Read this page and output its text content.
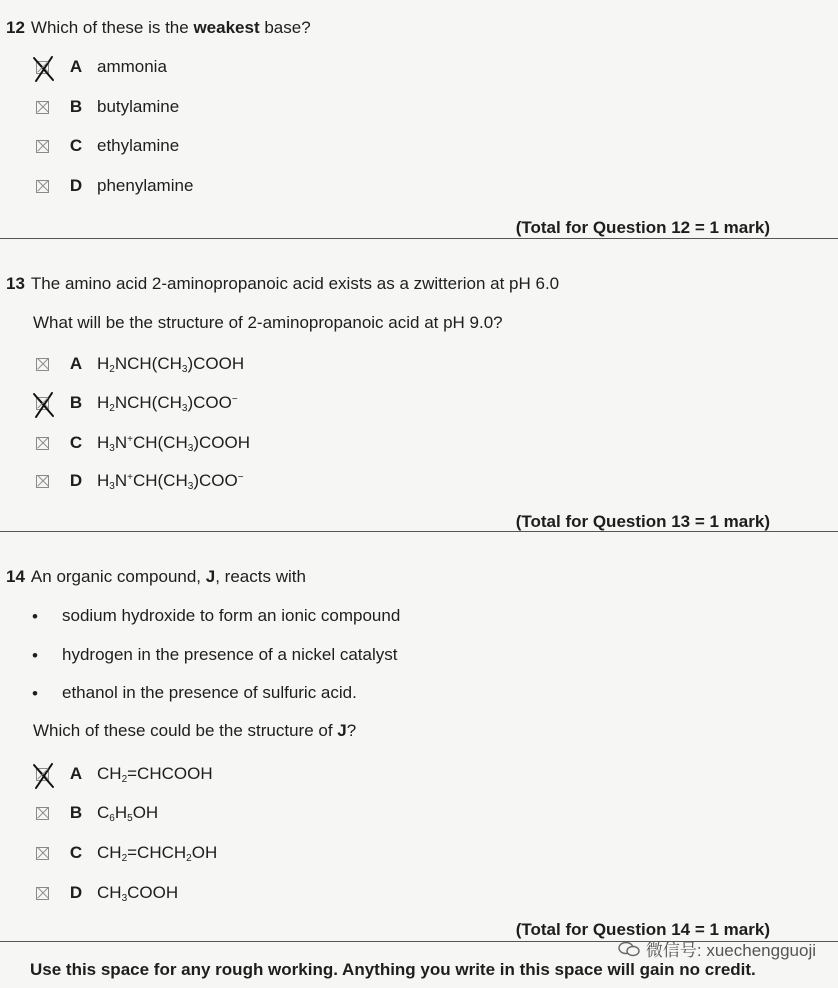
12 Which of these is the weakest base?
A ammonia
B butylamine
C ethylamine
D phenylamine
(Total for Question 12 = 1 mark)
13 The amino acid 2-aminopropanoic acid exists as a zwitterion at pH 6.0
What will be the structure of 2-aminopropanoic acid at pH 9.0?
A $H_2NCH(CH_3)COOH$
B $H_2NCH(CH_3)COO^-$
C $H_3N^+CH(CH_3)COOH$
D $H_3N^+CH(CH_3)COO^-$
(Total for Question 13 = 1 mark)
14 An organic compound, J, reacts with
• sodium hydroxide to form an ionic compound
• hydrogen in the presence of a nickel catalyst
• ethanol in the presence of sulfuric acid.
Which of these could be the structure of J?
A $CH_2=CHCOOH$
B $C_6H_5OH$
C $CH_2=CHCH_2OH$
D $CH_3COOH$
(Total for Question 14 = 1 mark)
微信号: xuechengguoji
Use this space for any rough working. Anything you write in this space will gain no credit.
